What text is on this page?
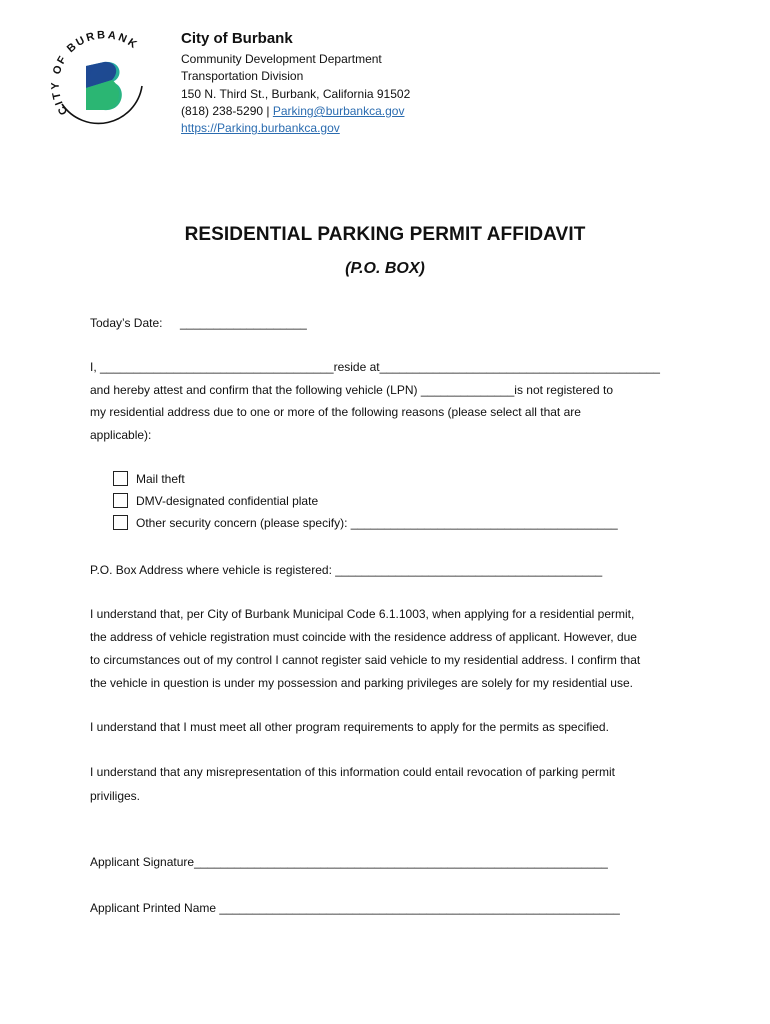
CITY OF BURBANK	City of Burbank
Community Development Department
Transportation Division
150 N. Third St., Burbank, California 91502
(818) 238-5290 | Parking@burbankca.gov
https://Parking.burbankca.gov
RESIDENTIAL PARKING PERMIT AFFIDAVIT
(P.O. BOX)
Today’s Date: ___________________
I, ___________________________________reside at__________________________________________
and hereby attest and confirm that the following vehicle (LPN) ______________is not registered to
my residential address due to one or more of the following reasons (please select all that are
applicable):
Mail theft
DMV-designated confidential plate
Other security concern (please specify): ________________________________________
P.O. Box Address where vehicle is registered: ________________________________________
I understand that, per City of Burbank Municipal Code 6.1.1003, when applying for a residential permit,
the address of vehicle registration must coincide with the residence address of applicant. However, due
to circumstances out of my control I cannot register said vehicle to my residential address. I confirm that
the vehicle in question is under my possession and parking privileges are solely for my residential use.
I understand that I must meet all other program requirements to apply for the permits as specified.
I understand that any misrepresentation of this information could entail revocation of parking permit
priviliges.
Applicant Signature______________________________________________________________
Applicant Printed Name ____________________________________________________________
